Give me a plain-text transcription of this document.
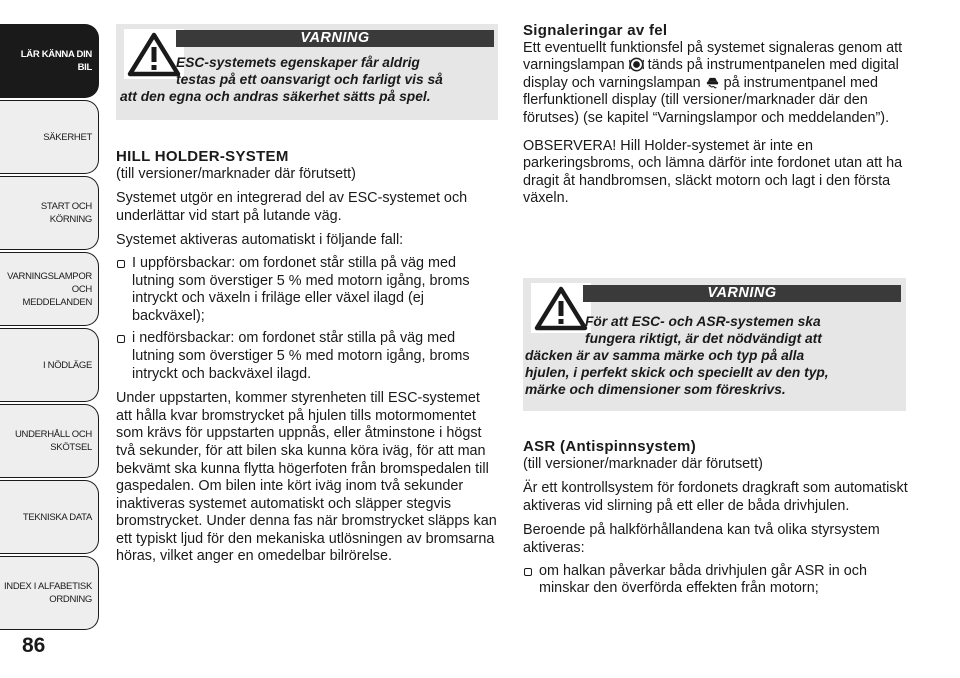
LÄR KÄNNA DIN
BIL
SÄKERHET
START OCH
KÖRNING
VARNINGSLAMPOR
OCH
MEDDELANDEN
I NÖDLÄGE
UNDERHÅLL OCH
SKÖTSEL
TEKNISKA DATA
INDEX I ALFABETISK
ORDNING
86
VARNING
ESC-systemets egenskaper får aldrig
testas på ett oansvarigt och farligt vis så
att den egna och andras säkerhet sätts på spel.

HILL HOLDER-SYSTEM

(till versioner/marknader där förutsett)

Systemet utgör en integrerad del av ESC-systemet och underlättar vid start på lutande väg.

Systemet aktiveras automatiskt i följande fall:

I uppförsbackar: om fordonet står stilla på väg med lutning som överstiger 5 % med motorn igång, broms intryckt och växeln i friläge eller växel ilagd (ej backväxel);
i nedförsbackar: om fordonet står stilla på väg med lutning som överstiger 5 % med motorn igång, broms intryckt och backväxel ilagd.

Under uppstarten, kommer styrenheten till ESC-systemet att hålla kvar bromstrycket på hjulen tills motormomentet som krävs för uppstarten uppnås, eller åtminstone i högst två sekunder, för att bilen ska kunna köra iväg, för att man bekvämt ska kunna flytta högerfoten från bromspedalen till gaspedalen. Om bilen inte kört iväg inom två sekunder inaktiveras systemet automatiskt och släpper stegvis bromstrycket. Under denna fas när bromstrycket släpps kan ett typiskt ljud för den mekaniska utlösningen av bromsarna höras, vilket anger en omedelbar bilrörelse.

Signaleringar av fel

Ett eventuellt funktionsfel på systemet signaleras genom att varningslampan  tänds på instrumentpanelen med digital display och varningslampan  på instrumentpanel med flerfunktionell display (till versioner/marknader där den förutses) (se kapitel “Varningslampor och meddelanden”).

OBSERVERA! Hill Holder-systemet är inte en parkeringsbroms, och lämna därför inte fordonet utan att ha dragit åt handbromsen, släckt motorn och lagt i den första växeln.

VARNING
För att ESC- och ASR-systemen ska
fungera riktigt, är det nödvändigt att
däcken är av samma märke och typ på alla
hjulen, i perfekt skick och speciellt av den typ,
märke och dimensioner som föreskrivs.

ASR (Antispinnsystem)

(till versioner/marknader där förutsett)

Är ett kontrollsystem för fordonets dragkraft som automatiskt aktiveras vid slirning på ett eller de båda drivhjulen.

Beroende på halkförhållandena kan två olika styrsystem aktiveras:

om halkan påverkar båda drivhjulen går ASR in och minskar den överförda effekten från motorn;
